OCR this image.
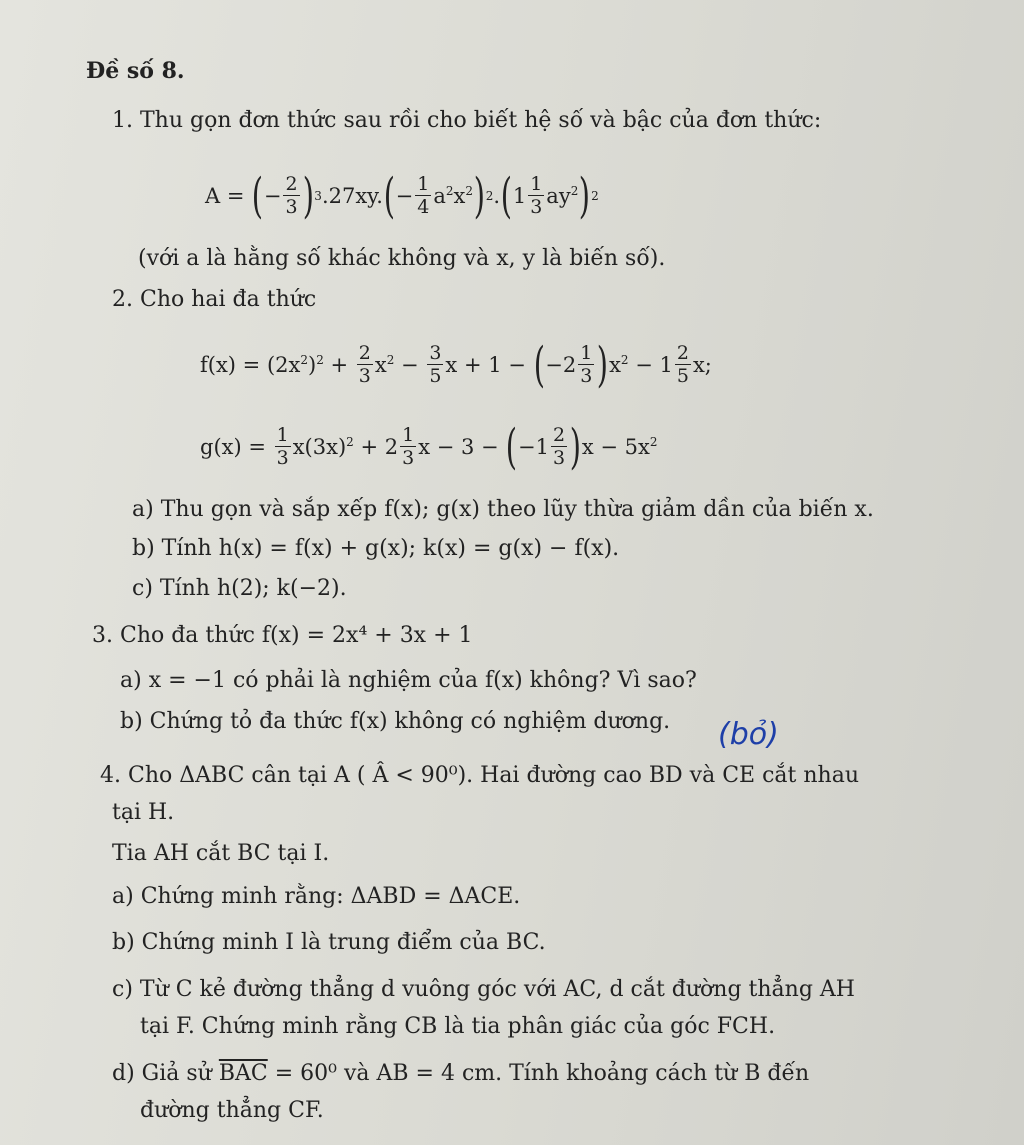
Đề số 8.
1. Thu gọn đơn thức sau rồi cho biết hệ số và bậc của đơn thức:
A = ( − $\frac{2}{3}$ ) 3 .27xy. ( − $\frac{1}{4} a^2x^2$ ) 2 . ( $1 \frac{1}{3} ay^2$ ) 2
(với a là hằng số khác không và x, y là biến số).
2. Cho hai đa thức
$f(x) = (2x^2)^2 + \frac{2}{3} x^2 - \frac{3}{5}$ x + 1 − ( $-2 \frac{1}{3}$ ) $x^2 - 1 \frac{2}{5} x$;
$g(x) = \frac{1}{3} x(3x)^2 + 2 \frac{1}{3}$ x − 3 − ( $-1 \frac{2}{3}$ ) $x - 5x^2$
a) Thu gọn và sắp xếp f(x); g(x) theo lũy thừa giảm dần của biến x.
b) Tính h(x) = f(x) + g(x); k(x) = g(x) − f(x).
c) Tính h(2); k(−2).
3. Cho đa thức f(x) = 2x⁴ + 3x + 1
a) x = −1 có phải là nghiệm của f(x) không? Vì sao?
b) Chứng tỏ đa thức f(x) không có nghiệm dương. (bỏ)
4. Cho ΔABC cân tại A ( Â < 90⁰). Hai đường cao BD và CE cắt nhau
tại H.
Tia AH cắt BC tại I.
a) Chứng minh rằng: ΔABD = ΔACE.
b) Chứng minh I là trung điểm của BC.
c) Từ C kẻ đường thẳng d vuông góc với AC, d cắt đường thẳng AH
tại F. Chứng minh rằng CB là tia phân giác của góc FCH.
d) Giả sử $\overline{BAC} = 60^0$ và AB = 4 cm. Tính khoảng cách từ B đến
đường thẳng CF.
